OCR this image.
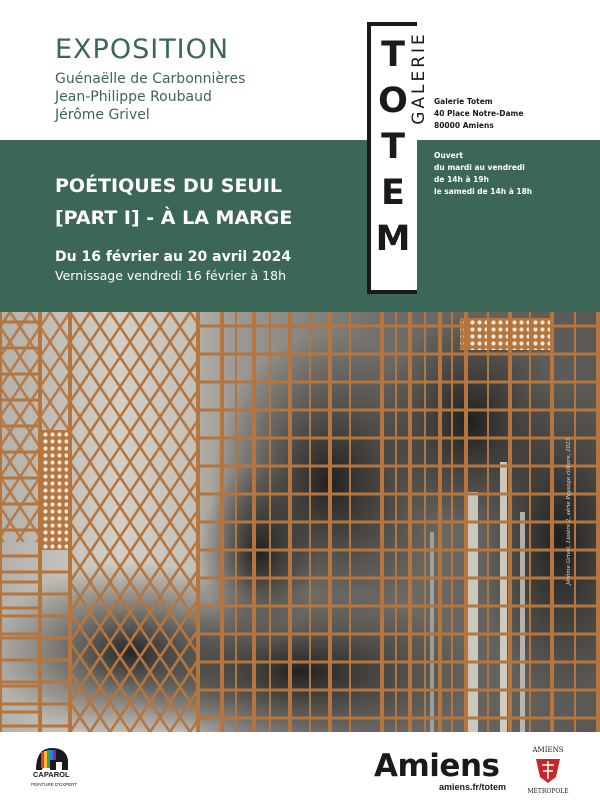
EXPOSITION
Guénaëlle de Carbonnières
Jean-Philippe Roubaud
Jérôme Grivel
POÉTIQUES DU SEUIL
[PART I] - À LA MARGE
Du 16 février au 20 avril 2024
Vernissage vendredi 16 février à 18h
T
O
T
E
M
GALERIE Galerie Totem
40 Place Notre-Dame
80000 Amiens
Ouvert
du mardi au vendredi
de 14h à 19h
le samedi de 14h à 18h
Jérôme Grivel, Lisière 2, série Paysage clôture, 2023
CAPAROL
PEINTURE D'EXPERT
Amiens
amiens.fr/totem
AMIENS
MÉTROPOLE
